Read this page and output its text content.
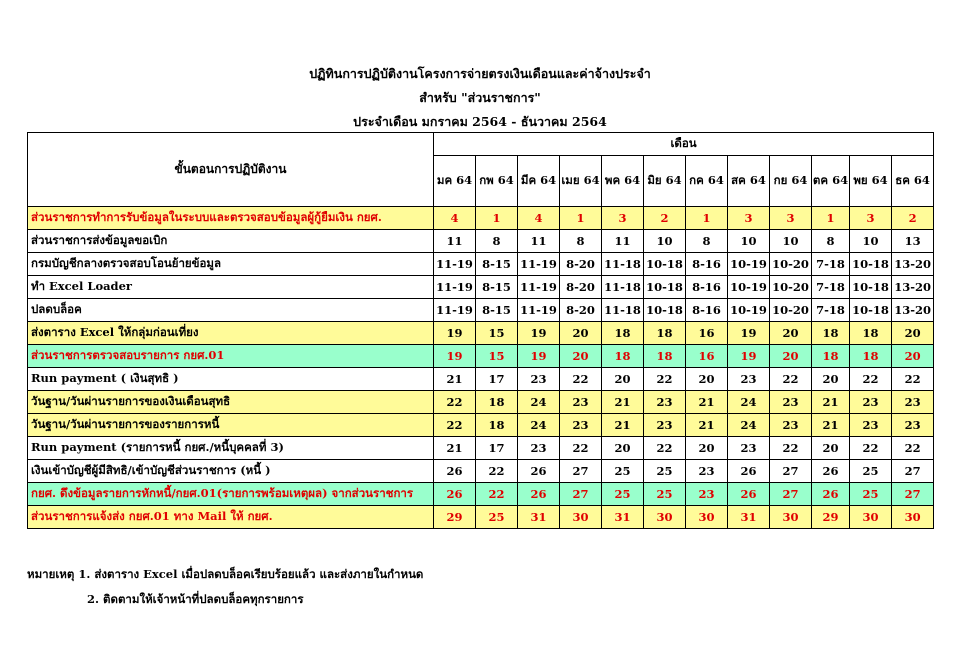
ปฏิทินการปฏิบัติงานโครงการจ่ายตรงเงินเดือนและค่าจ้างประจำ
สำหรับ "ส่วนราชการ"
ประจำเดือน มกราคม 2564 - ธันวาคม 2564
ขั้นตอนการปฏิบัติงาน	เดือน											
	มค 64	กพ 64	มีค 64	เมย 64	พค 64	มิย 64	กค 64	สค 64	กย 64	ตค 64	พย 64	ธค 64
ส่วนราชการทำการรับข้อมูลในระบบและตรวจสอบข้อมูลผู้กู้ยืมเงิน กยศ.	4	1	4	1	3	2	1	3	3	1	3	2
ส่วนราชการส่งข้อมูลขอเบิก	11	8	11	8	11	10	8	10	10	8	10	13
กรมบัญชีกลางตรวจสอบโอนย้ายข้อมูล	11-19	8-15	11-19	8-20	11-18	10-18	8-16	10-19	10-20	7-18	10-18	13-20
ทำ Excel Loader	11-19	8-15	11-19	8-20	11-18	10-18	8-16	10-19	10-20	7-18	10-18	13-20
ปลดบล็อค	11-19	8-15	11-19	8-20	11-18	10-18	8-16	10-19	10-20	7-18	10-18	13-20
ส่งตาราง Excel ให้กลุ่มก่อนเที่ยง	19	15	19	20	18	18	16	19	20	18	18	20
ส่วนราชการตรวจสอบรายการ กยศ.01	19	15	19	20	18	18	16	19	20	18	18	20
Run payment ( เงินสุทธิ )	21	17	23	22	20	22	20	23	22	20	22	22
วันฐาน/วันผ่านรายการของเงินเดือนสุทธิ	22	18	24	23	21	23	21	24	23	21	23	23
วันฐาน/วันผ่านรายการของรายการหนี้	22	18	24	23	21	23	21	24	23	21	23	23
Run payment (รายการหนี้ กยศ./หนี้บุคคลที่ 3)	21	17	23	22	20	22	20	23	22	20	22	22
เงินเข้าบัญชีผู้มีสิทธิ/เข้าบัญชีส่วนราชการ (หนี้ )	26	22	26	27	25	25	23	26	27	26	25	27
กยศ. ดึงข้อมูลรายการหักหนี้/กยศ.01(รายการพร้อมเหตุผล) จากส่วนราชการ	26	22	26	27	25	25	23	26	27	26	25	27
ส่วนราชการแจ้งส่ง กยศ.01 ทาง Mail ให้ กยศ.	29	25	31	30	31	30	30	31	30	29	30	30
หมายเหตุ 1. ส่งตาราง Excel เมื่อปลดบล็อคเรียบร้อยแล้ว และส่งภายในกำหนด
2. ติดตามให้เจ้าหน้าที่ปลดบล็อคทุกรายการ
